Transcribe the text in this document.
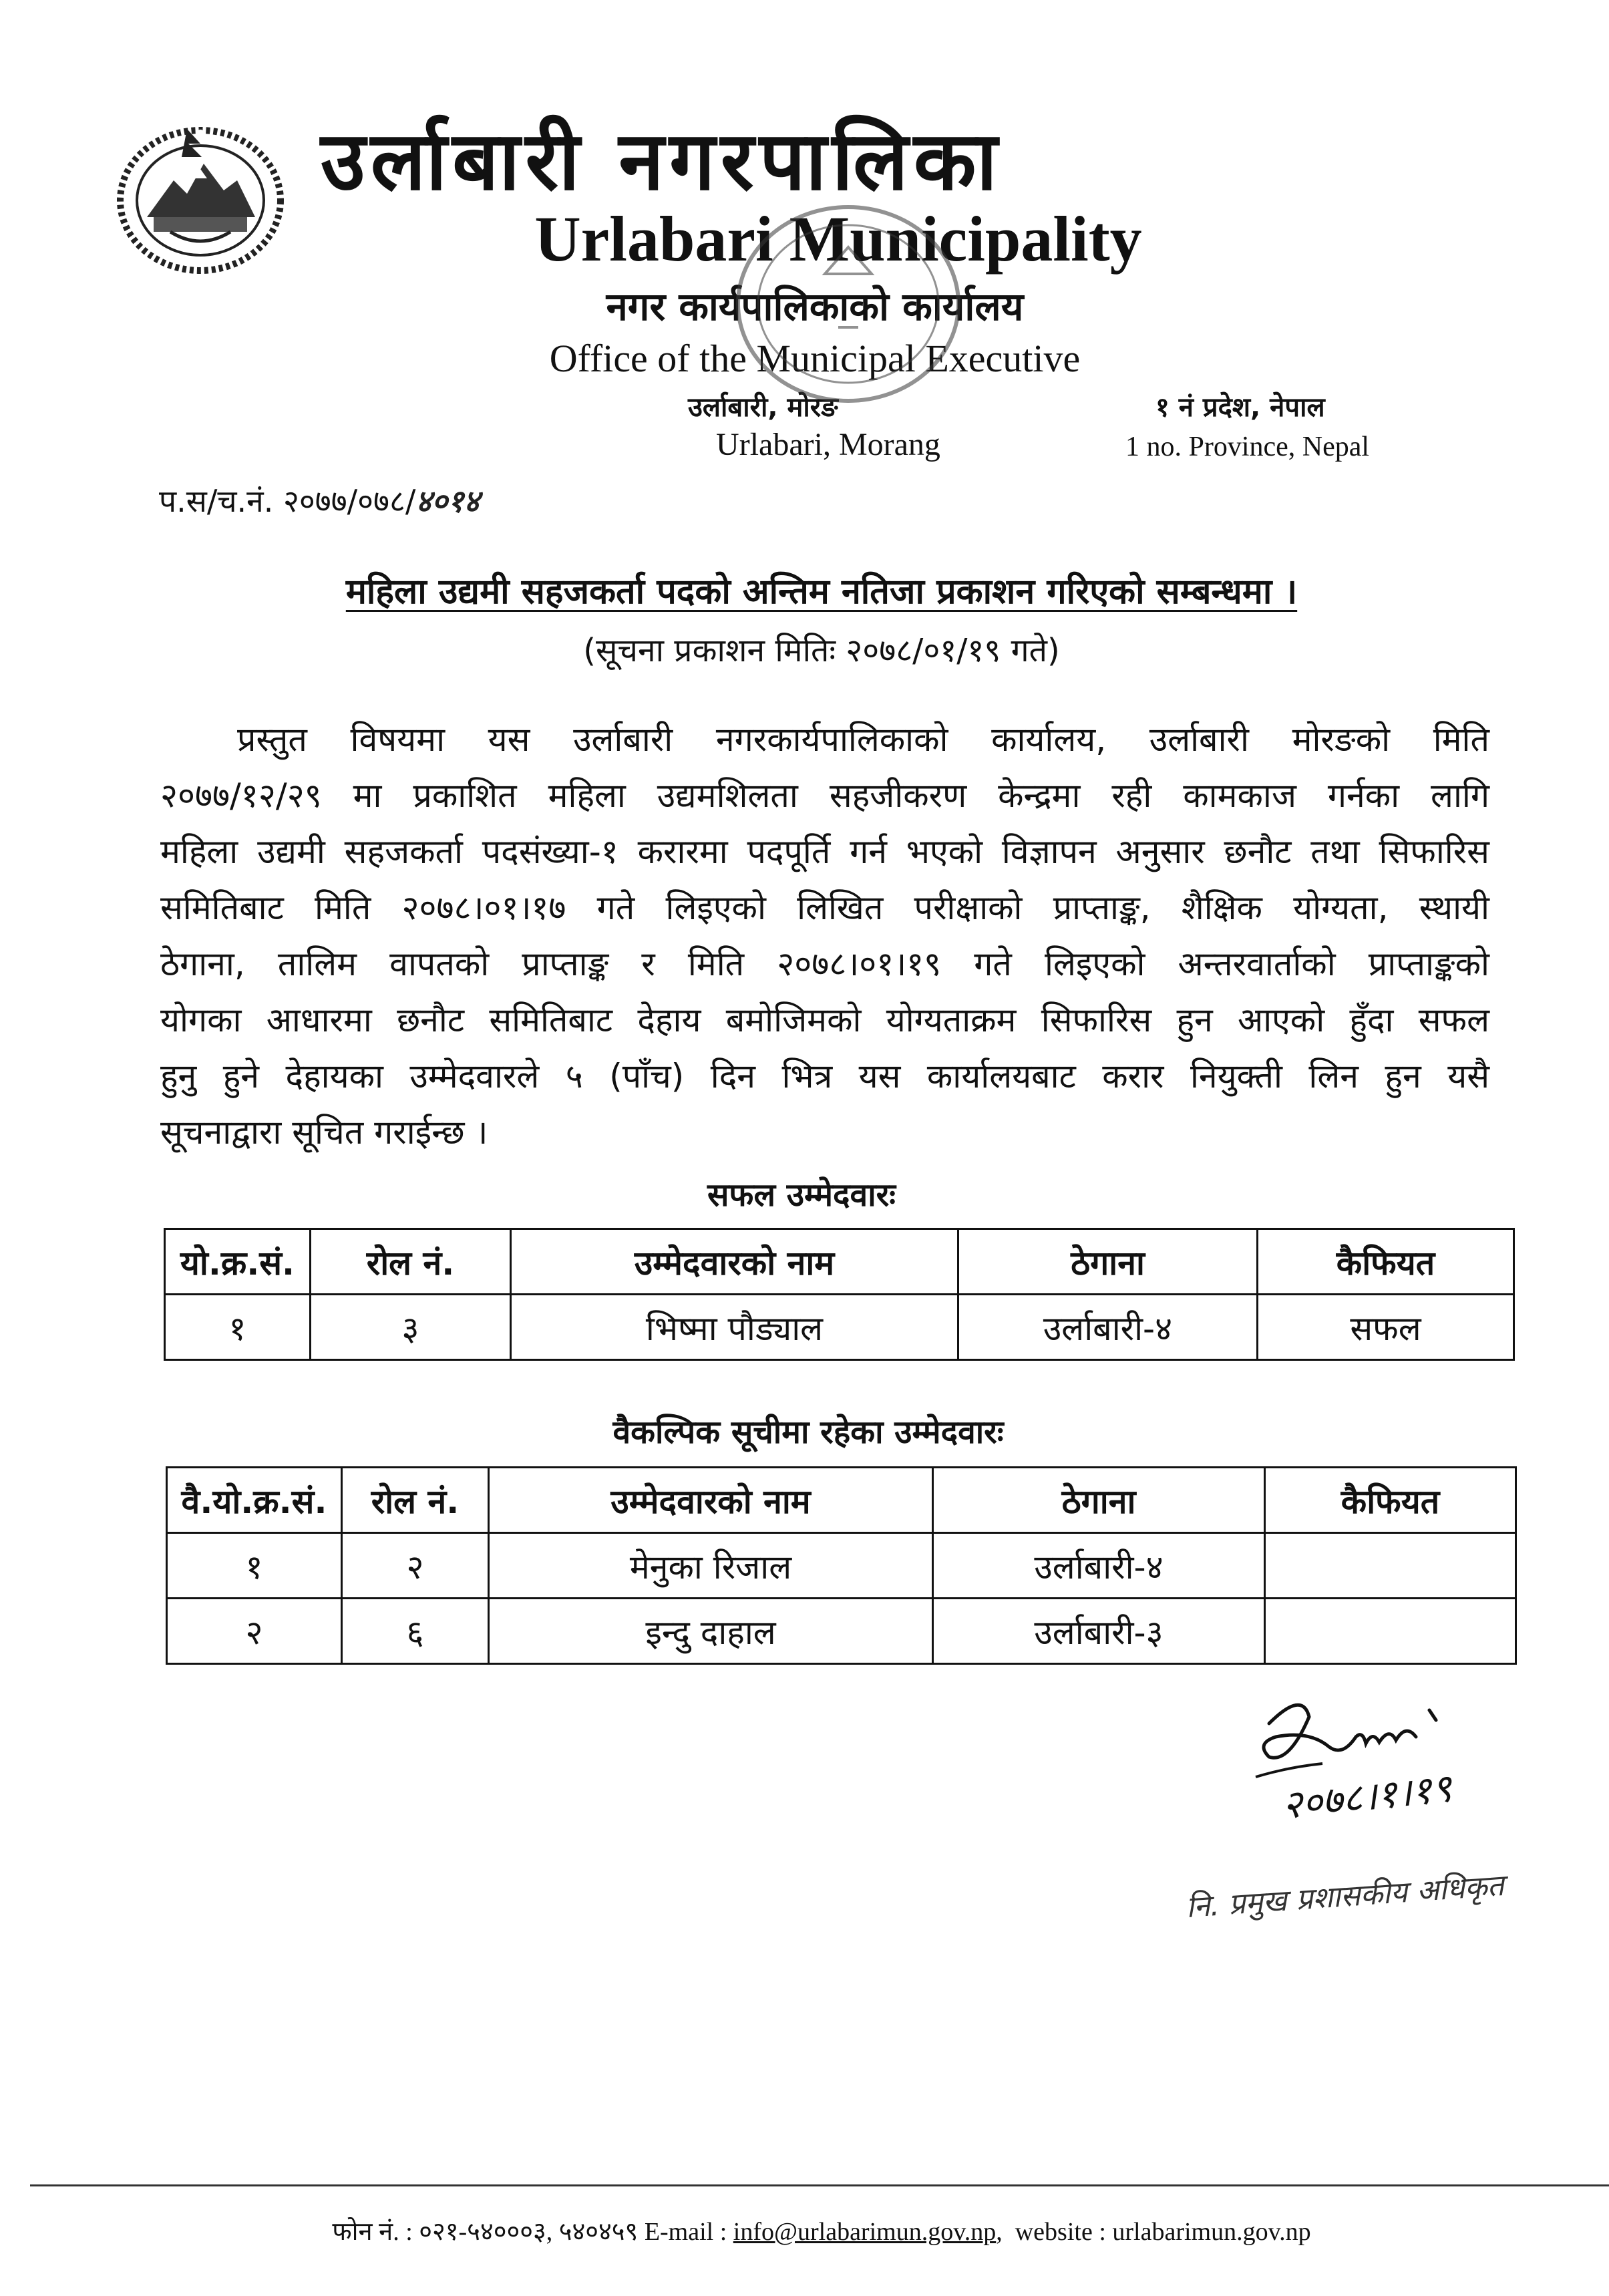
उर्लाबारी नगरपालिका
Urlabari Municipality
नगर कार्यपालिकाको कार्यालय
Office of the Municipal Executive
उर्लाबारी, मोरङ
Urlabari, Morang
१ नं प्रदेश, नेपाल
1 no. Province, Nepal
प.स/च.नं. २०७७/०७८/४०१४
महिला उद्यमी सहजकर्ता पदको अन्तिम नतिजा प्रकाशन गरिएको सम्बन्धमा ।
(सूचना प्रकाशन मितिः २०७८/०१/१९ गते)
प्रस्तुत विषयमा यस उर्लाबारी नगरकार्यपालिकाको कार्यालय, उर्लाबारी मोरङको मिति
२०७७/१२/२९ मा प्रकाशित महिला उद्यमशिलता सहजीकरण केन्द्रमा रही कामकाज गर्नका लागि
महिला उद्यमी सहजकर्ता पदसंख्या-१ करारमा पदपूर्ति गर्न भएको विज्ञापन अनुसार छनौट तथा सिफारिस
समितिबाट मिति २०७८।०१।१७ गते लिइएको लिखित परीक्षाको प्राप्ताङ्क, शैक्षिक योग्यता, स्थायी
ठेगाना, तालिम वापतको प्राप्ताङ्क र मिति २०७८।०१।१९ गते लिइएको अन्तरवार्ताको प्राप्ताङ्कको
योगका आधारमा छनौट समितिबाट देहाय बमोजिमको योग्यताक्रम सिफारिस हुन आएको हुँदा सफल
हुनु हुने देहायका उम्मेदवारले ५ (पाँच) दिन भित्र यस कार्यालयबाट करार नियुक्ती लिन हुन यसै
सूचनाद्वारा सूचित गराईन्छ ।
सफल उम्मेदवारः
यो.क्र.सं.	रोल नं.	उम्मेदवारको नाम	ठेगाना	कैफियत
१	३	भिष्मा पौड्याल	उर्लाबारी-४	सफल
वैकल्पिक सूचीमा रहेका उम्मेदवारः
वै.यो.क्र.सं.	रोल नं.	उम्मेदवारको नाम	ठेगाना	कैफियत
१	२	मेनुका रिजाल	उर्लाबारी-४	
२	६	इन्दु दाहाल	उर्लाबारी-३	
२०७८।१।१९
नि. प्रमुख प्रशासकीय अधिकृत
फोन नं. : ०२१-५४०००३, ५४०४५९ E-mail : info@urlabarimun.gov.np,  website : urlabarimun.gov.np
